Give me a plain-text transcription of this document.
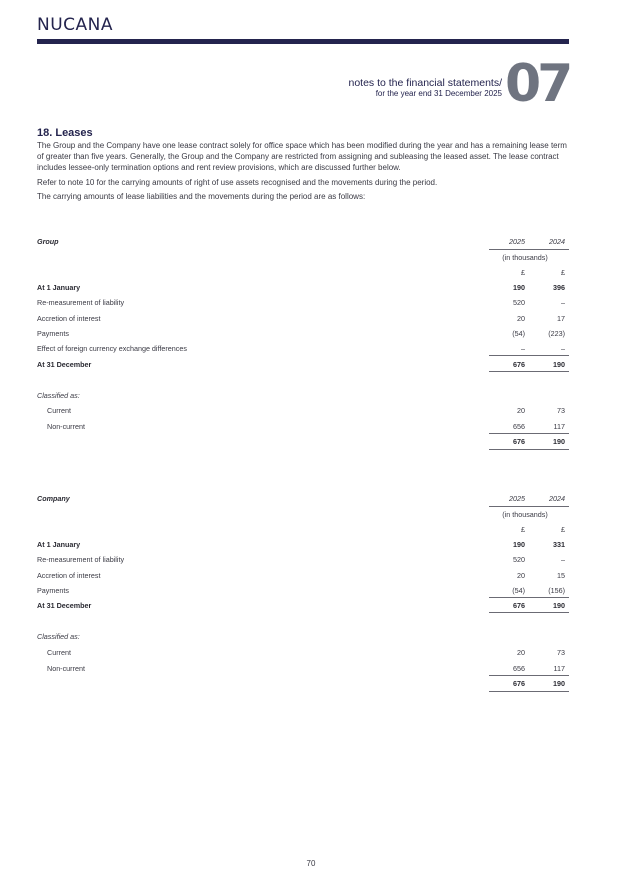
NUCANA
notes to the financial statements/
for the year end 31 December 2025 07
18. Leases
The Group and the Company have one lease contract solely for office space which has been modified during the year and has a remaining lease term of greater than five years. Generally, the Group and the Company are restricted from assigning and subleasing the leased asset. The lease contract includes lessee-only termination options and rent review provisions, which are discussed further below.
Refer to note 10 for the carrying amounts of right of use assets recognised and the movements during the period.
The carrying amounts of lease liabilities and the movements during the period are as follows:
Group	2025	2024
(in thousands)
£	£
At 1 January	190	396
Re-measurement of liability	520	–
Accretion of interest	20	17
Payments	(54)	(223)
Effect of foreign currency exchange differences	–	–
At 31 December	676	190
Classified as:
Current	20	73
Non-current	656	117
676	190
Company	2025	2024
(in thousands)
£	£
At 1 January	190	331
Re-measurement of liability	520	–
Accretion of interest	20	15
Payments	(54)	(156)
At 31 December	676	190
Classified as:
Current	20	73
Non-current	656	117
676	190
70
